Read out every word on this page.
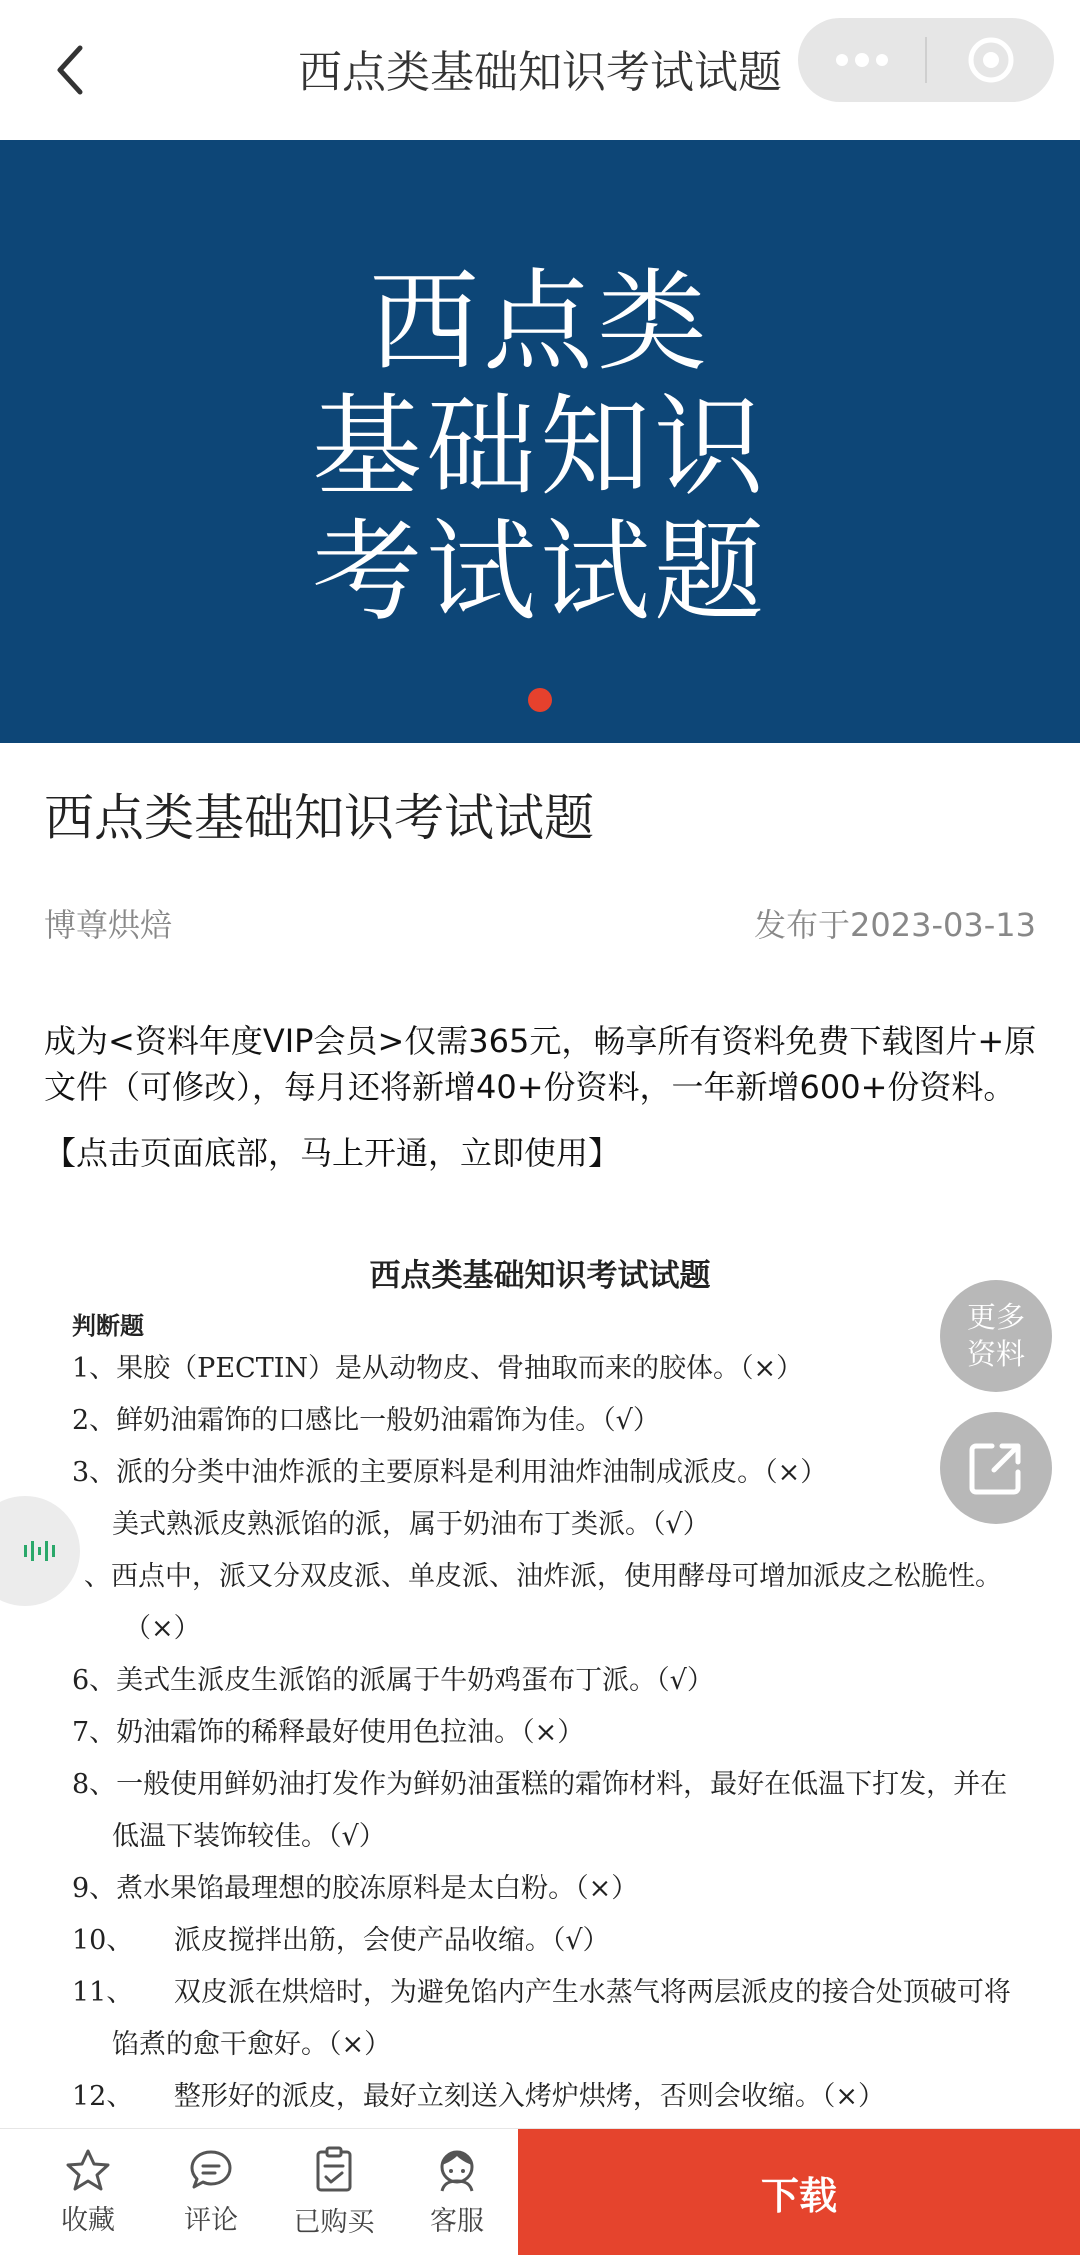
西点类基础知识考试试题
西点类
基础知识
考试试题
西点类基础知识考试试题
博尊烘焙	发布于2023-03-13
成为<资料年度VIP会员>仅需365元，畅享所有资料免费下载图片+原文件（可修改），每月还将新增40+份资料，一年新增600+份资料。
【点击页面底部，马上开通，立即使用】
西点类基础知识考试试题
判断题
1、果胶（PECTIN）是从动物皮、骨抽取而来的胶体。（×）
2、鲜奶油霜饰的口感比一般奶油霜饰为佳。（√）
3、派的分类中油炸派的主要原料是利用油炸油制成派皮。（×）
美式熟派皮熟派馅的派，属于奶油布丁类派。（√）
、西点中，派又分双皮派、单皮派、油炸派，使用酵母可增加派皮之松脆性。
（×）
6、美式生派皮生派馅的派属于牛奶鸡蛋布丁派。（√）
7、奶油霜饰的稀释最好使用色拉油。（×）
8、一般使用鲜奶油打发作为鲜奶油蛋糕的霜饰材料，最好在低温下打发，并在
低温下装饰较佳。（√）
9、煮水果馅最理想的胶冻原料是太白粉。（×）
10、　　派皮搅拌出筋，会使产品收缩。（√）
11、　　双皮派在烘焙时，为避免馅内产生水蒸气将两层派皮的接合处顶破可将
馅煮的愈干愈好。（×）
12、　　整形好的派皮，最好立刻送入烤炉烘烤，否则会收缩。（×）
更多
资料
收藏	评论 已购买 客服
下载
